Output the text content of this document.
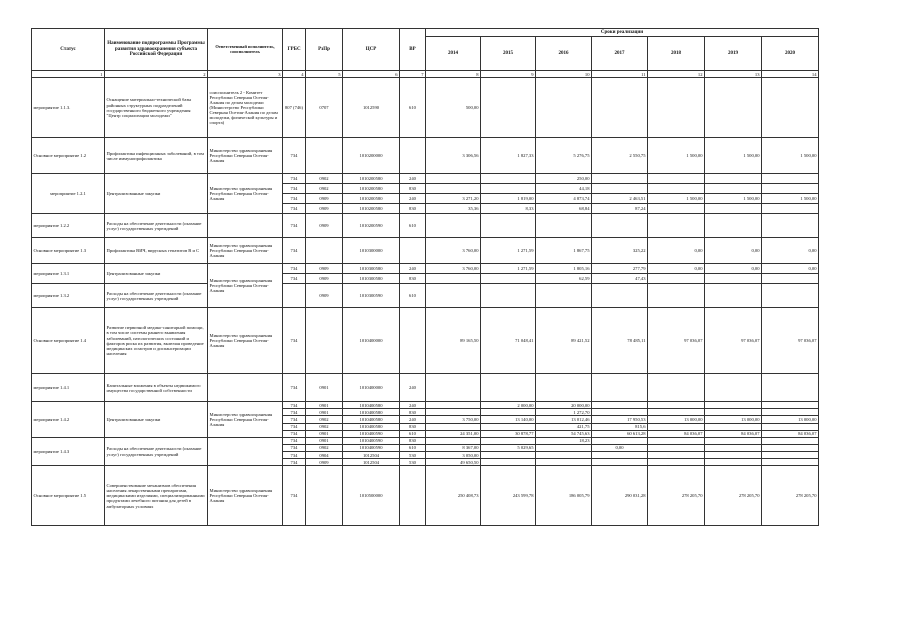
Статус	Наименование подпрограммы Программы развития здравоохранения субъекта Российской Федерации	Ответственный исполнитель, соисполнитель	ГРБС	РзПр	ЦСР	ВР	Сроки реализации						
							2014	2015	2016	2017	2018	2019	2020
1	2	3	4	5	6	7	8	9	10	11	12	13	14
мероприятие 1.1.3.	Оснащение материально-технической базы районных структурных подразделений государственного бюджетного учреждения "Центр социализации молодежи"	соисполнитель 2 - Комитет Республики Северная Осетия-Алания по делам молодежи (Министерство Республики Северная Осетия-Алания по делам молодежи, физической культуры и спорта)	807 (746)	0707	1012590	610	500,00						
Основное мероприятие 1.2	Профилактика инфекционных заболеваний, в том числе иммунопрофилактика	Министерство здравоохранения Республики Северная Осетия-Алания	734		1010200000		3 306,56	1 827,33	5 276,75	2 550,75	1 500,00	1 500,00	1 500,00
мероприятие 1.2.1	Централизованные закупки	Министерство здравоохранения Республики Северная Осетия-Алания	734	0902	1010200580	240			250,00				
			734	0902	1010200580	830			44,18				
			734	0909	1010200580	240	3 271,20	1 819,00	4 873,74	2 463,51	1 500,00	1 500,00	1 500,00
			734	0909	1010200580	830	35,36	8,33	68,84	87,24			
мероприятие 1.2.2	Расходы на обеспечение деятельности (оказание услуг) государственных учреждений		734	0909	1010200590	610							
Основное мероприятие 1.3	Профилактика ВИЧ, вирусных гепатитов В и С	Министерство здравоохранения Республики Северная Осетия-Алания	734		1010300000		3 760,00	1 271,59	1 867,75	325,22	0,00	0,00	0,00
мероприятие 1.3.1	Централизованные закупки	Министерство здравоохранения Республики Северная Осетия-Алания	734	0909	1010300580	240	3 760,00	1 271,59	1 805,16	277,79	0,00	0,00	0,00
			734	0909	1010300580	830			62,59	47,43			
мероприятие 1.3.2	Расходы на обеспечение деятельности (оказание услуг) государственных учреждений			0909	1010300590	610							
Основное мероприятие 1.4	Развитие первичной медико-санитарной помощи, в том числе системы раннего выявления заболеваний, патологических состояний и факторов риска их развития, включая проведение медицинских осмотров и диспансеризации населения	Министерство здравоохранения Республики Северная Осетия-Алания	734		1010400000		89 165,50	71 048,41	89 421,52	78 485,11	97 036,07	97 036,07	97 036,07
мероприятие 1.4.1	Капитальные вложения в объекты недвижимого имущества государственной собственности		734	0901	1010400000	240							
мероприятие 1.4.2	Централизованные закупки	Министерство здравоохранения Республики Северная Осетия-Алания	734	0901	1010400580	240		2 000,00	20 000,00				
			734	0901	1010400580	830			1 272,70				
			734	0902	1010400580	240	3 750,00	13 140,00	13 012,46	17 950,53	13 000,00	13 000,00	13 000,00
			734	0902	1010400580	830			421,75	815,6			
			734	0901	1010400590	610	24 351,00	30 878,77	54 745,63	60 613,28	84 036,07	84 036,07	84 036,07
мероприятие 1.4.3	Расходы на обеспечение деятельности (оказание услуг) государственных учреждений		734	0901	1010400590	830			18,23				
			734	0902	1010400590	610	8 367,00	5 029,65		0,00			
			734	0904	1012504	530	3 050,00						
			734	0909	1012504	530	49 650,50						
Основное мероприятие 1.5	Совершенствование механизмов обеспечения населения лекарственными препаратами, медицинскими изделиями, специализированными продуктами лечебного питания для детей в амбулаторных условиях	Министерство здравоохранения Республики Северная Осетия-Алания	734		1010500000		250 408,73	243 599,78	186 005,79	290 031,28	278 205,70	278 205,70	278 205,70
